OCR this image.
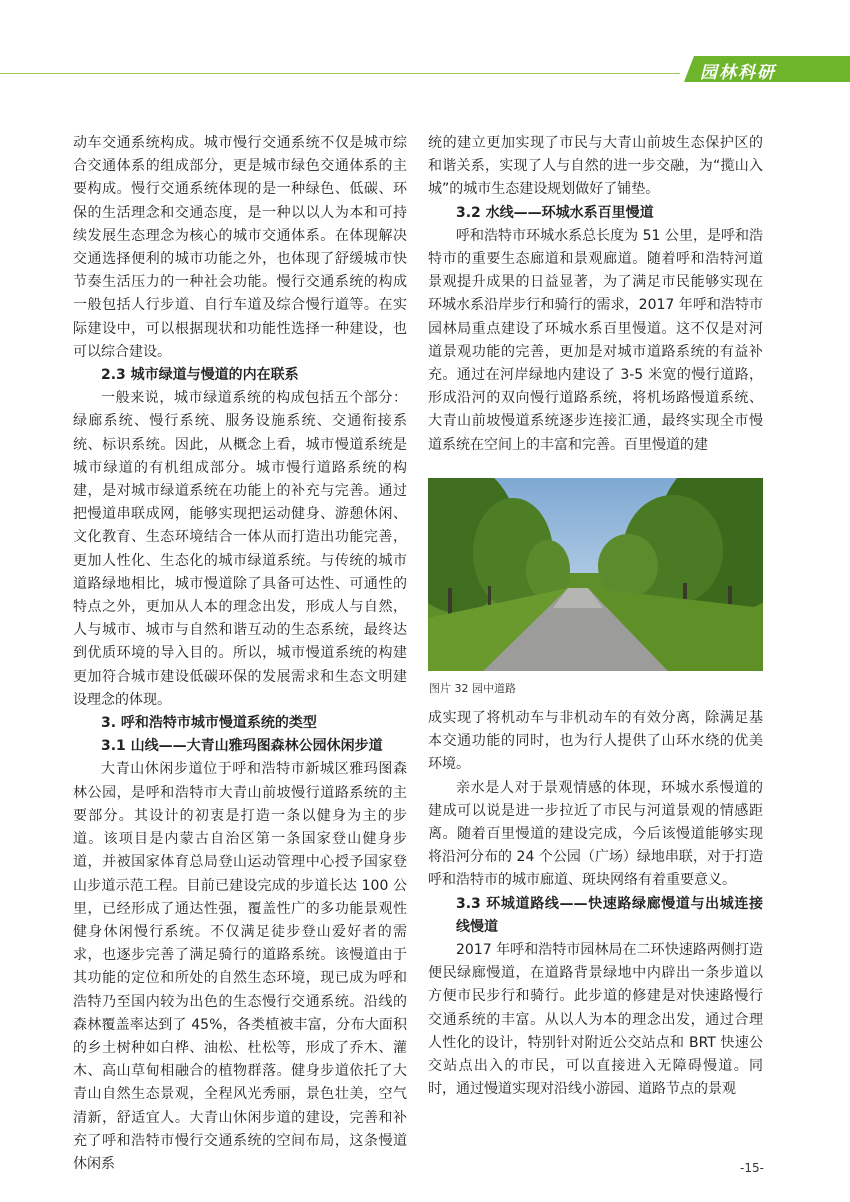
园林科研

动车交通系统构成。城市慢行交通系统不仅是城市综合交通体系的组成部分，更是城市绿色交通体系的主要构成。慢行交通系统体现的是一种绿色、低碳、环保的生活理念和交通态度，是一种以以人为本和可持续发展生态理念为核心的城市交通体系。在体现解决交通选择便利的城市功能之外，也体现了舒缓城市快节奏生活压力的一种社会功能。慢行交通系统的构成一般包括人行步道、自行车道及综合慢行道等。在实际建设中，可以根据现状和功能性选择一种建设，也可以综合建设。

2.3 城市绿道与慢道的内在联系

一般来说，城市绿道系统的构成包括五个部分：绿廊系统、慢行系统、服务设施系统、交通衔接系统、标识系统。因此，从概念上看，城市慢道系统是城市绿道的有机组成部分。城市慢行道路系统的构建，是对城市绿道系统在功能上的补充与完善。通过把慢道串联成网，能够实现把运动健身、游憩休闲、文化教育、生态环境结合一体从而打造出功能完善，更加人性化、生态化的城市绿道系统。与传统的城市道路绿地相比，城市慢道除了具备可达性、可通性的特点之外，更加从人本的理念出发，形成人与自然，人与城市、城市与自然和谐互动的生态系统，最终达到优质环境的导入目的。所以，城市慢道系统的构建更加符合城市建设低碳环保的发展需求和生态文明建设理念的体现。

3. 呼和浩特市城市慢道系统的类型

3.1 山线——大青山雅玛图森林公园休闲步道

大青山休闲步道位于呼和浩特市新城区雅玛图森林公园，是呼和浩特市大青山前坡慢行道路系统的主要部分。其设计的初衷是打造一条以健身为主的步道。该项目是内蒙古自治区第一条国家登山健身步道，并被国家体育总局登山运动管理中心授予国家登山步道示范工程。目前已建设完成的步道长达 100 公里，已经形成了通达性强，覆盖性广的多功能景观性健身休闲慢行系统。不仅满足徒步登山爱好者的需求，也逐步完善了满足骑行的道路系统。该慢道由于其功能的定位和所处的自然生态环境，现已成为呼和浩特乃至国内较为出色的生态慢行交通系统。沿线的森林覆盖率达到了 45%，各类植被丰富，分布大面积的乡土树种如白桦、油松、杜松等，形成了乔木、灌木、高山草甸相融合的植物群落。健身步道依托了大青山自然生态景观，全程风光秀丽，景色壮美，空气清新，舒适宜人。大青山休闲步道的建设，完善和补充了呼和浩特市慢行交通系统的空间布局，这条慢道休闲系

统的建立更加实现了市民与大青山前坡生态保护区的和谐关系，实现了人与自然的进一步交融，为“揽山入城”的城市生态建设规划做好了铺垫。

3.2 水线——环城水系百里慢道

呼和浩特市环城水系总长度为 51 公里，是呼和浩特市的重要生态廊道和景观廊道。随着呼和浩特河道景观提升成果的日益显著，为了满足市民能够实现在环城水系沿岸步行和骑行的需求，2017 年呼和浩特市园林局重点建设了环城水系百里慢道。这不仅是对河道景观功能的完善，更加是对城市道路系统的有益补充。通过在河岸绿地内建设了 3-5 米宽的慢行道路，形成沿河的双向慢行道路系统，将机场路慢道系统、大青山前坡慢道系统逐步连接汇通，最终实现全市慢道系统在空间上的丰富和完善。百里慢道的建

图片 32 园中道路

成实现了将机动车与非机动车的有效分离，除满足基本交通功能的同时，也为行人提供了山环水绕的优美环境。

亲水是人对于景观情感的体现，环城水系慢道的建成可以说是进一步拉近了市民与河道景观的情感距离。随着百里慢道的建设完成，今后该慢道能够实现将沿河分布的 24 个公园（广场）绿地串联，对于打造呼和浩特市的城市廊道、斑块网络有着重要意义。

3.3 环城道路线——快速路绿廊慢道与出城连接线慢道

2017 年呼和浩特市园林局在二环快速路两侧打造便民绿廊慢道，在道路背景绿地中内辟出一条步道以方便市民步行和骑行。此步道的修建是对快速路慢行交通系统的丰富。从以人为本的理念出发，通过合理人性化的设计，特别针对附近公交站点和 BRT 快速公交站点出入的市民，可以直接进入无障碍慢道。同时，通过慢道实现对沿线小游园、道路节点的景观

-15-
